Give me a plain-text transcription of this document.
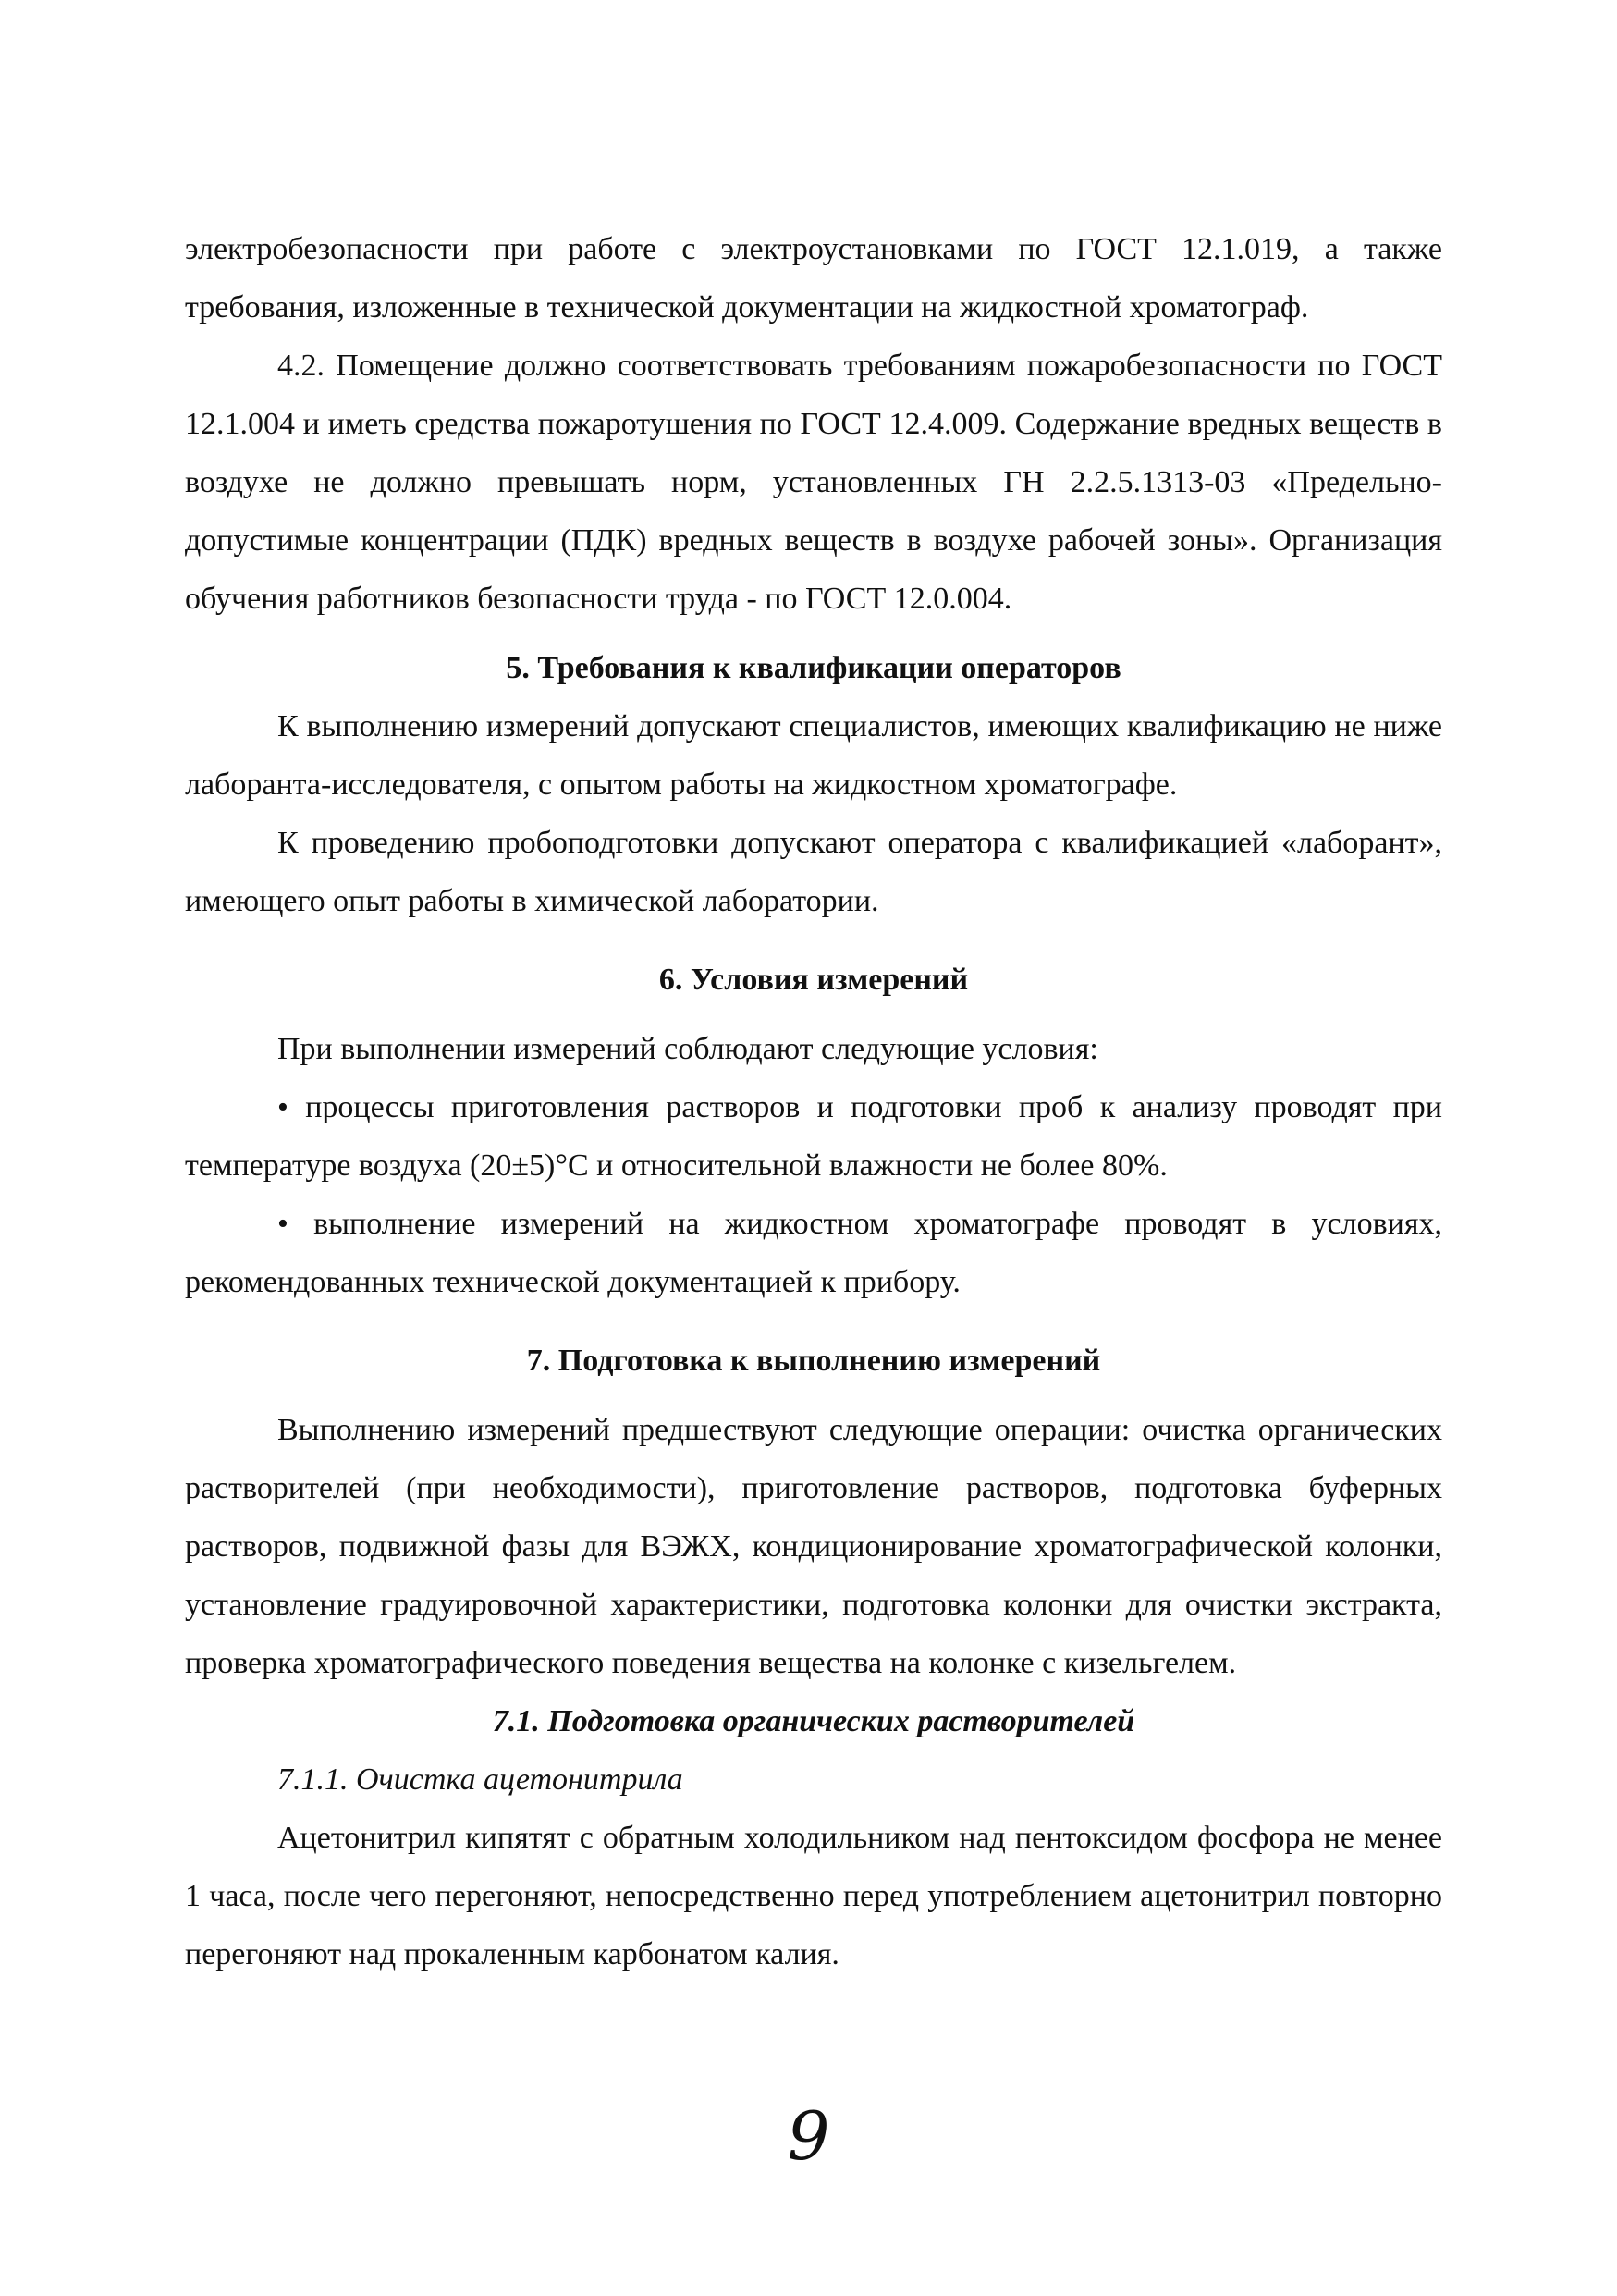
электробезопасности при работе с электроустановками по ГОСТ 12.1.019, а также требования, изложенные в технической документации на жидкостной хроматограф.

4.2. Помещение должно соответствовать требованиям пожаробезопасности по ГОСТ 12.1.004 и иметь средства пожаротушения по ГОСТ 12.4.009. Содержание вредных веществ в воздухе не должно превышать норм, установленных ГН 2.2.5.1313-03 «Предельно-допустимые концентрации (ПДК) вредных веществ в воздухе рабочей зоны». Организация обучения работников безопасности труда - по ГОСТ 12.0.004.

5. Требования к квалификации операторов

К выполнению измерений допускают специалистов, имеющих квалификацию не ниже лаборанта-исследователя, с опытом работы на жидкостном хроматографе.

К проведению пробоподготовки допускают оператора с квалификацией «лаборант», имеющего опыт работы в химической лаборатории.

6. Условия измерений

При выполнении измерений соблюдают следующие условия:

• процессы приготовления растворов и подготовки проб к анализу проводят при температуре воздуха (20±5)°С и относительной влажности не более 80%.

• выполнение измерений на жидкостном хроматографе проводят в условиях, рекомендованных технической документацией к прибору.

7. Подготовка к выполнению измерений

Выполнению измерений предшествуют следующие операции: очистка органических растворителей (при необходимости), приготовление растворов, подготовка буферных растворов, подвижной фазы для ВЭЖХ, кондиционирование хроматографической колонки, установление градуировочной характеристики, подготовка колонки для очистки экстракта, проверка хроматографического поведения вещества на колонке с кизельгелем.

7.1. Подготовка органических растворителей

7.1.1. Очистка ацетонитрила

Ацетонитрил кипятят с обратным холодильником над пентоксидом фосфора не менее 1 часа, после чего перегоняют, непосредственно перед употреблением ацетонитрил повторно перегоняют над прокаленным карбонатом калия.

9
